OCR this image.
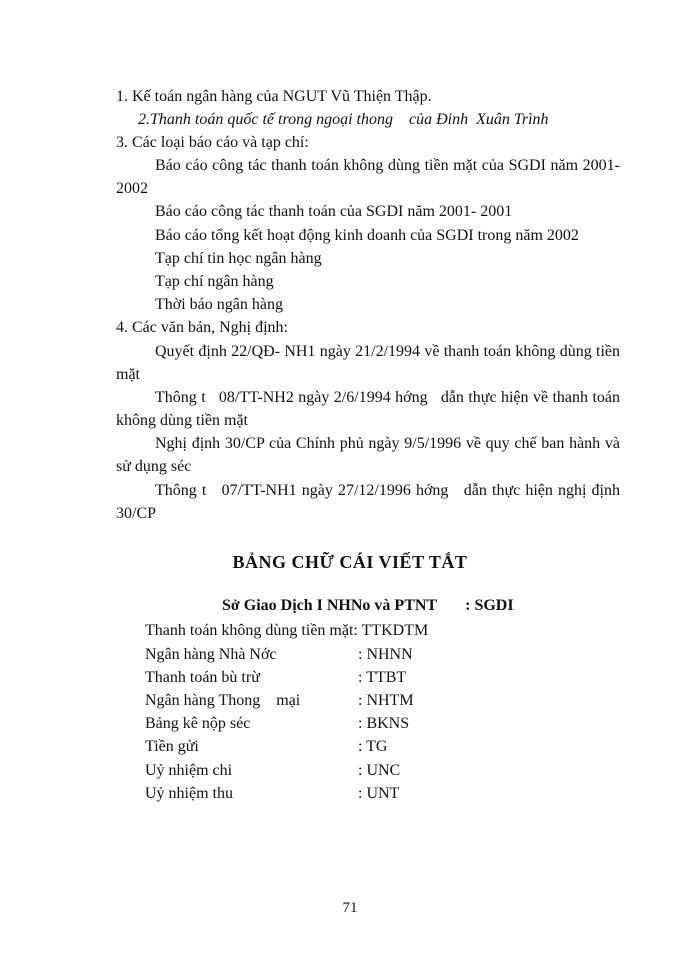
1. Kế toán ngân hàng của NGUT Vũ Thiện Thập.
2.Thanh toán quốc tế trong ngoại thong    của Đinh  Xuân Trình
3. Các loại báo cáo và tạp chí:
Báo cáo công tác thanh toán không dùng tiền mặt của SGDI năm 2001-
2002
Báo cáo công tác thanh toán của SGDI năm 2001- 2001
Báo cáo tổng kết hoạt động kinh doanh của SGDI trong năm 2002
Tạp chí tin học ngân hàng
Tạp chí ngân hàng
Thời báo ngân hàng
4. Các văn bản, Nghị định:
Quyết định 22/QĐ- NH1 ngày 21/2/1994 về thanh toán không dùng tiền
mặt
Thông t   08/TT-NH2 ngày 2/6/1994 hớng   dẫn thực hiện về thanh toán
không dùng tiền mặt
Nghị định 30/CP của Chính phủ ngày 9/5/1996 về quy chế ban hành và
sử dụng séc
Thông t   07/TT-NH1 ngày 27/12/1996 hớng   dẫn thực hiện nghị định
30/CP
BẢNG CHỮ CÁI VIẾT TẮT
Sở Giao Dịch I NHNo và PTNT : SGDI
Thanh toán không dùng tiền mặt: TTKDTM
Ngân hàng Nhà Nớc	: NHNN
Thanh toán bù trừ	: TTBT
Ngân hàng Thong    mại	: NHTM
Bảng kê nộp séc	: BKNS
Tiền gửi	: TG
Uỷ nhiệm chi	: UNC
Uỷ nhiệm thu	: UNT
71
